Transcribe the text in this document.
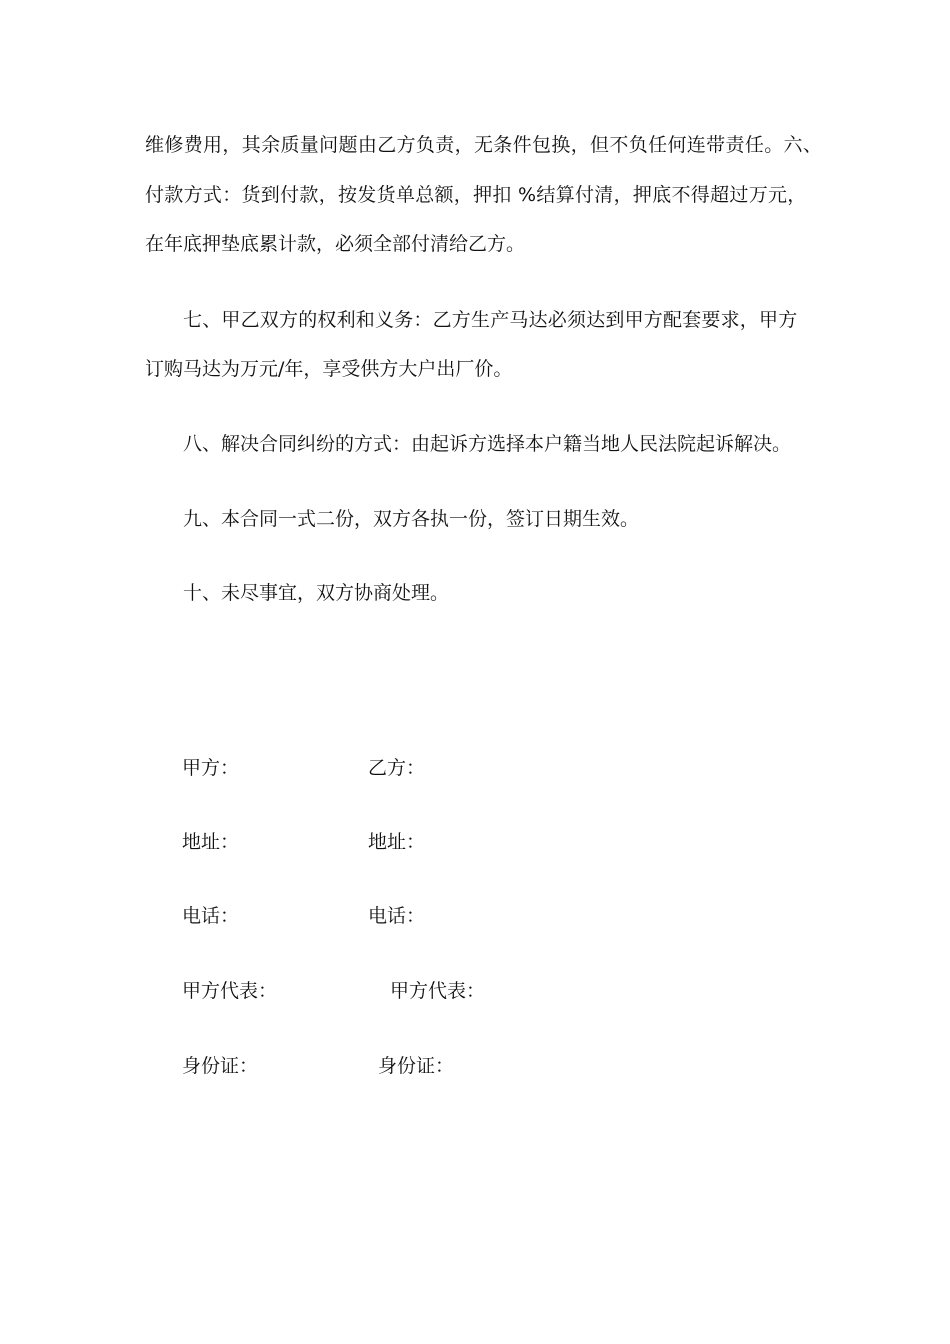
维修费用，其余质量问题由乙方负责，无条件包换，但不负任何连带责任。六、
付款方式：货到付款，按发货单总额，押扣 %结算付清，押底不得超过万元，
在年底押垫底累计款，必须全部付清给乙方。
七、甲乙双方的权利和义务：乙方生产马达必须达到甲方配套要求，甲方
订购马达为万元/年，享受供方大户出厂价。
八、解决合同纠纷的方式：由起诉方选择本户籍当地人民法院起诉解决。
九、本合同一式二份，双方各执一份，签订日期生效。
十、未尽事宜，双方协商处理。
甲方：	乙方：
地址：	地址：
电话：	电话：
甲方代表：	甲方代表：
身份证：	身份证：
